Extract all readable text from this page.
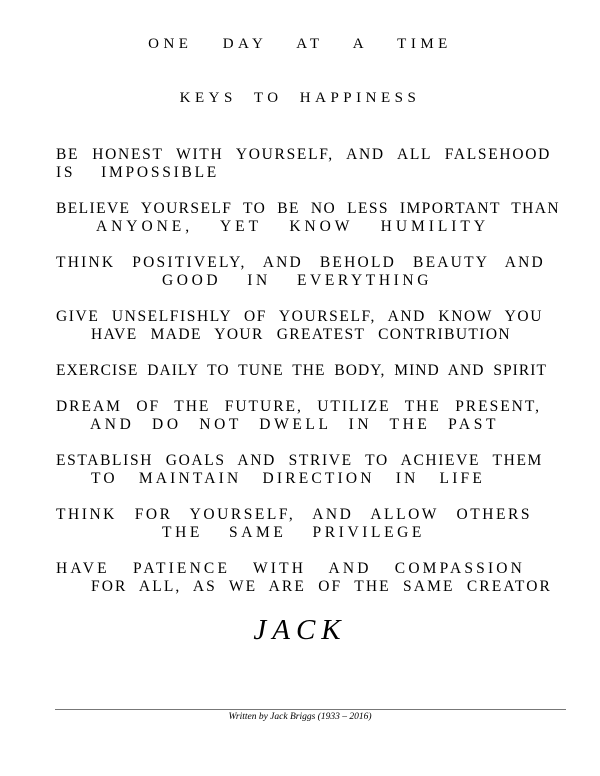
ONE DAY AT A TIME
KEYS TO HAPPINESS
BE HONEST WITH YOURSELF, AND ALL FALSEHOOD
IS IMPOSSIBLE
BELIEVE YOURSELF TO BE NO LESS IMPORTANT THAN
ANYONE, YET KNOW HUMILITY
THINK POSITIVELY, AND BEHOLD BEAUTY AND
GOOD IN EVERYTHING
GIVE UNSELFISHLY OF YOURSELF, AND KNOW YOU
HAVE MADE YOUR GREATEST CONTRIBUTION
EXERCISE DAILY TO TUNE THE BODY, MIND AND SPIRIT
DREAM OF THE FUTURE, UTILIZE THE PRESENT,
AND DO NOT DWELL IN THE PAST
ESTABLISH GOALS AND STRIVE TO ACHIEVE THEM
TO MAINTAIN DIRECTION IN LIFE
THINK FOR YOURSELF, AND ALLOW OTHERS
THE SAME PRIVILEGE
HAVE PATIENCE WITH AND COMPASSION
FOR ALL, AS WE ARE OF THE SAME CREATOR
JACK
Written by Jack Briggs (1933 – 2016)
